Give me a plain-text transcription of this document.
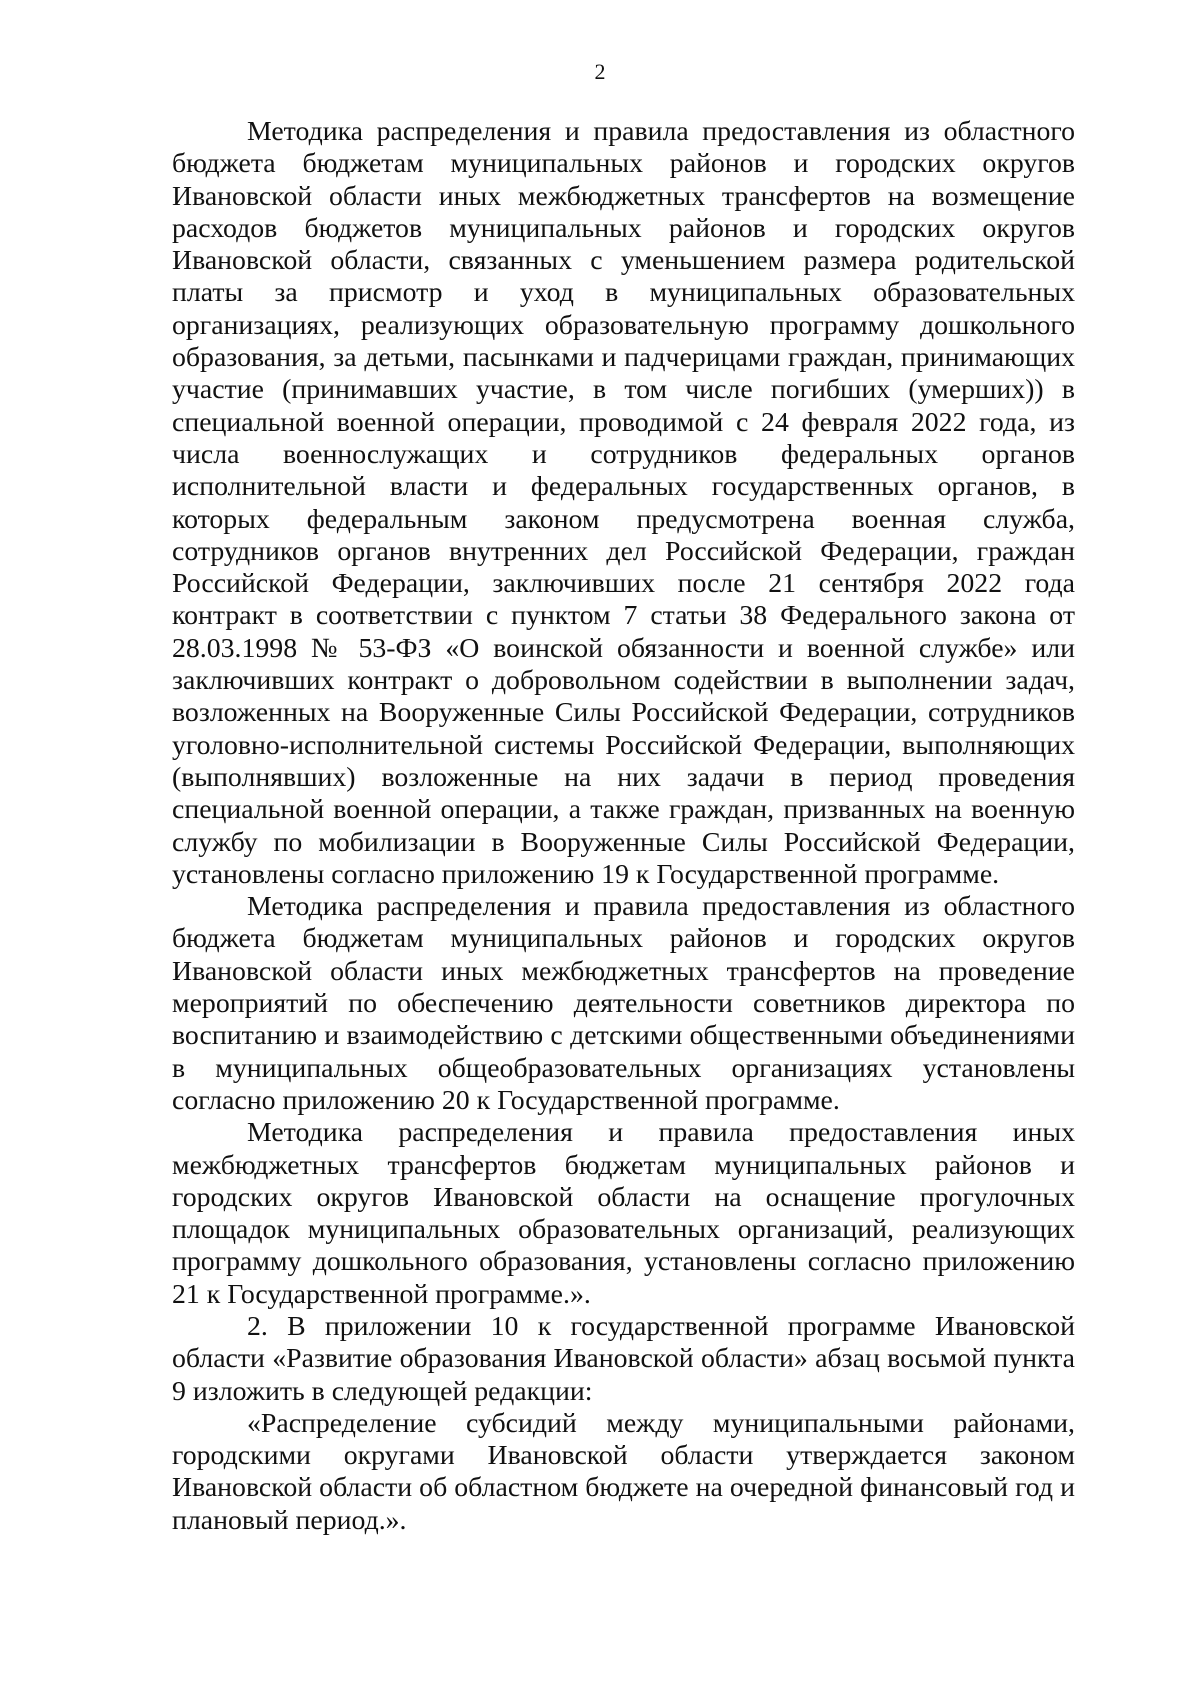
2

Методика распределения и правила предоставления из областного бюджета бюджетам муниципальных районов и городских округов Ивановской области иных межбюджетных трансфертов на возмещение расходов бюджетов муниципальных районов и городских округов Ивановской области, связанных с уменьшением размера родительской платы за присмотр и уход в муниципальных образовательных организациях, реализующих образовательную программу дошкольного образования, за детьми, пасынками и падчерицами граждан, принимающих участие (принимавших участие, в том числе погибших (умерших)) в специальной военной операции, проводимой с 24 февраля 2022 года, из числа военнослужащих и сотрудников федеральных органов исполнительной власти и федеральных государственных органов, в которых федеральным законом предусмотрена военная служба, сотрудников органов внутренних дел Российской Федерации, граждан Российской Федерации, заключивших после 21 сентября 2022 года контракт в соответствии с пунктом 7 статьи 38 Федерального закона от 28.03.1998 № 53-ФЗ «О воинской обязанности и военной службе» или заключивших контракт о добровольном содействии в выполнении задач, возложенных на Вооруженные Силы Российской Федерации, сотрудников уголовно-исполнительной системы Российской Федерации, выполняющих (выполнявших) возложенные на них задачи в период проведения специальной военной операции, а также граждан, призванных на военную службу по мобилизации в Вооруженные Силы Российской Федерации, установлены согласно приложению 19 к Государственной программе.

Методика распределения и правила предоставления из областного бюджета бюджетам муниципальных районов и городских округов Ивановской области иных межбюджетных трансфертов на проведение мероприятий по обеспечению деятельности советников директора по воспитанию и взаимодействию с детскими общественными объединениями в муниципальных общеобразовательных организациях установлены согласно приложению 20 к Государственной программе.

Методика распределения и правила предоставления иных межбюджетных трансфертов бюджетам муниципальных районов и городских округов Ивановской области на оснащение прогулочных площадок муниципальных образовательных организаций, реализующих программу дошкольного образования, установлены согласно приложению 21 к Государственной программе.».

2. В приложении 10 к государственной программе Ивановской области «Развитие образования Ивановской области» абзац восьмой пункта 9 изложить в следующей редакции:

«Распределение субсидий между муниципальными районами, городскими округами Ивановской области утверждается законом Ивановской области об областном бюджете на очередной финансовый год и плановый период.».
